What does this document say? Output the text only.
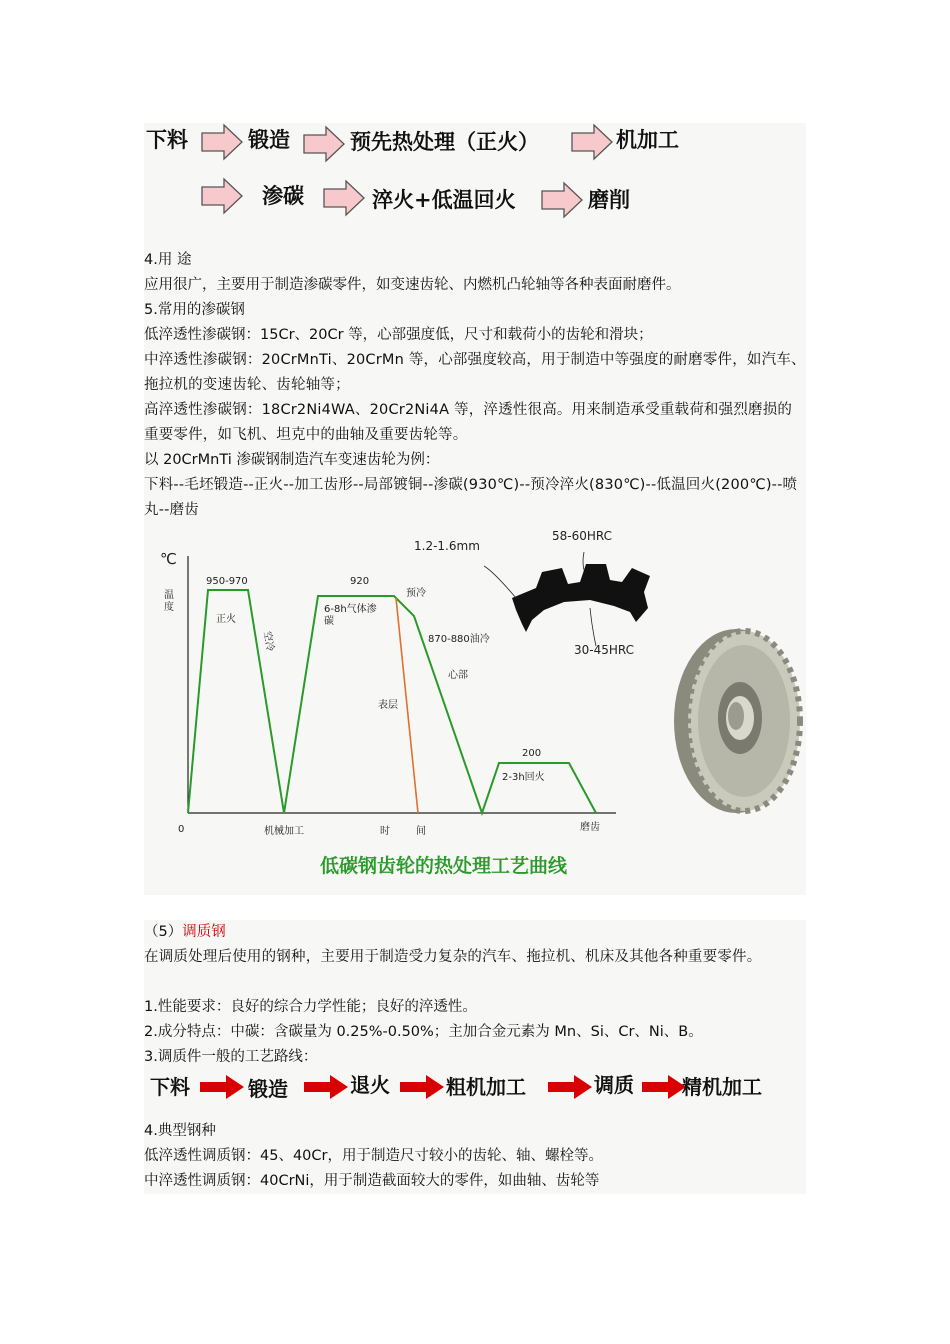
下料	锻造	预先热处理（正火）	机加工
渗碳	淬火+低温回火	磨削
4.用 途
应用很广，主要用于制造渗碳零件，如变速齿轮、内燃机凸轮轴等各种表面耐磨件。
5.常用的渗碳钢
低淬透性渗碳钢：15Cr、20Cr 等，心部强度低，尺寸和载荷小的齿轮和滑块；
中淬透性渗碳钢：20CrMnTi、20CrMn 等，心部强度较高，用于制造中等强度的耐磨零件，如汽车、拖拉机的变速齿轮、齿轮轴等；
高淬透性渗碳钢：18Cr2Ni4WA、20Cr2Ni4A 等，淬透性很高。用来制造承受重载荷和强烈磨损的重要零件，如飞机、坦克中的曲轴及重要齿轮等。
以 20CrMnTi 渗碳钢制造汽车变速齿轮为例：
下料--毛坯锻造--正火--加工齿形--局部镀铜--渗碳(930℃)--预冷淬火(830℃)--低温回火(200℃)--喷丸--磨齿
℃
温度
0	机械加工	时	间	磨齿
950-970
正火
空冷
920
6-8h气体渗碳
预冷
870-880油冷
心部
表层
200
2-3h回火
1.2-1.6mm
58-60HRC
30-45HRC
低碳钢齿轮的热处理工艺曲线
（5）调质钢
在调质处理后使用的钢种，主要用于制造受力复杂的汽车、拖拉机、机床及其他各种重要零件。
1.性能要求：良好的综合力学性能；良好的淬透性。
2.成分特点：中碳：含碳量为 0.25%-0.50%；主加合金元素为 Mn、Si、Cr、Ni、B。
3.调质件一般的工艺路线：
下料	锻造	退火	粗机加工	调质 精机加工
4.典型钢种
低淬透性调质钢：45、40Cr，用于制造尺寸较小的齿轮、轴、螺栓等。
中淬透性调质钢：40CrNi，用于制造截面较大的零件，如曲轴、齿轮等
